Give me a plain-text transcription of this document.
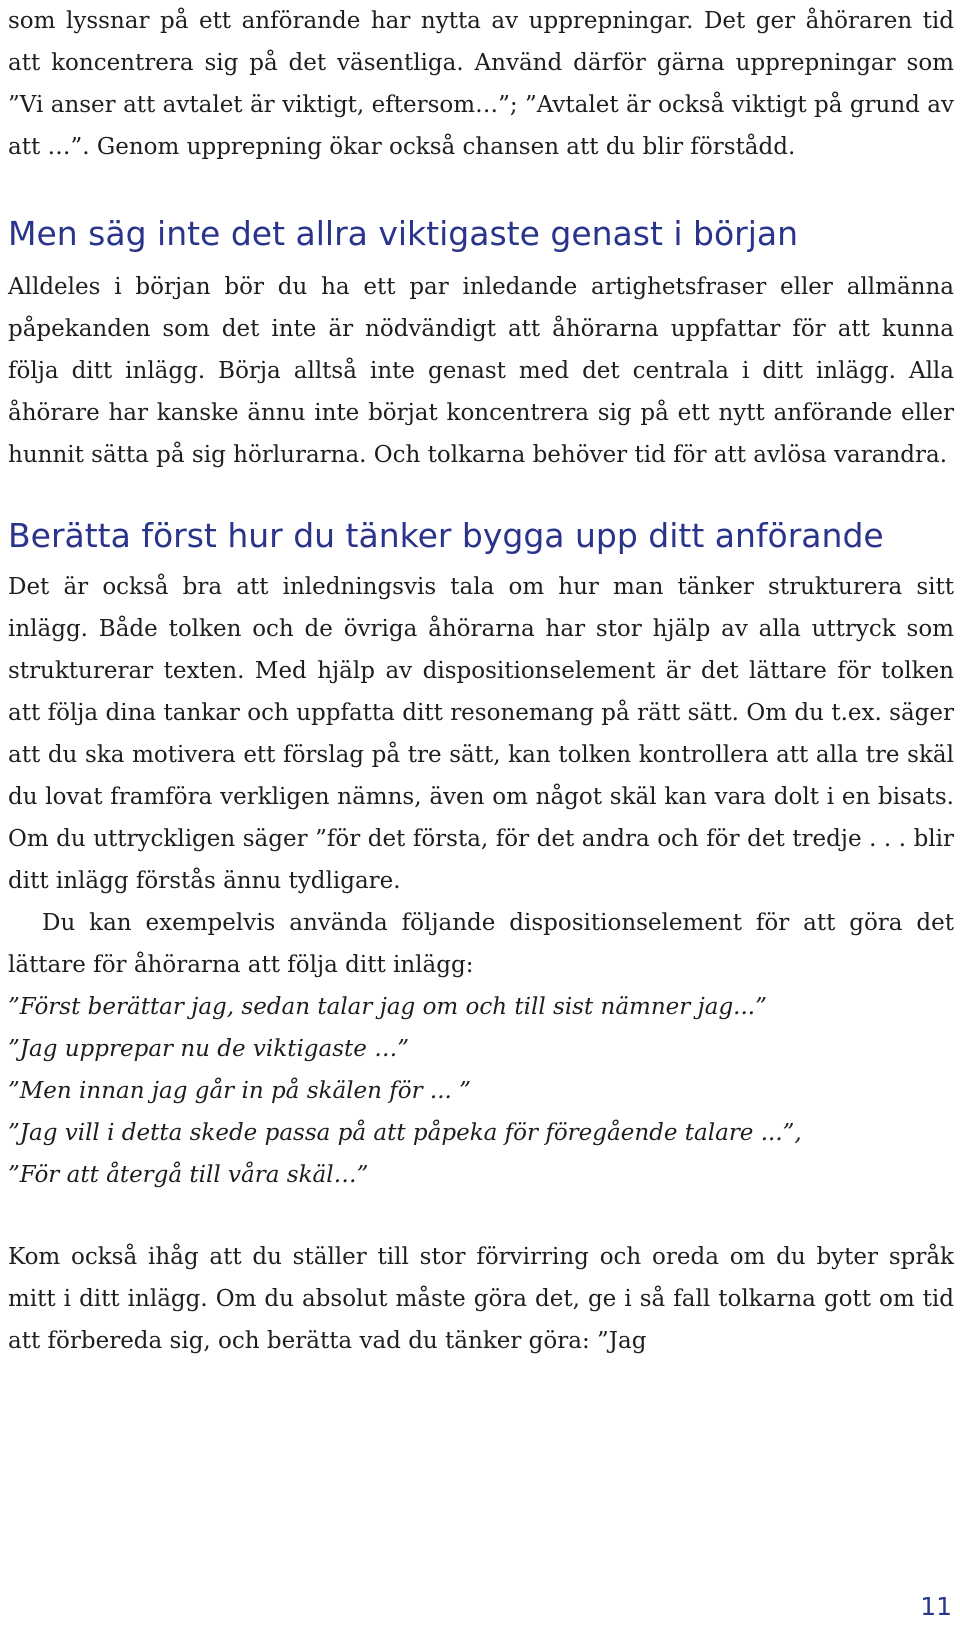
som lyssnar på ett anförande har nytta av upprepningar. Det ger åhöraren tid att koncentrera sig på det väsentliga. Använd därför gärna upprepningar som ”Vi anser att avtalet är viktigt, eftersom…”; ”Avtalet är också viktigt på grund av att …”. Genom upprepning ökar också chansen att du blir förstådd.

Men säg inte det allra viktigaste genast i början

Alldeles i början bör du ha ett par inledande artighetsfraser eller allmänna påpekanden som det inte är nödvändigt att åhörarna uppfattar för att kunna följa ditt inlägg. Börja alltså inte genast med det centrala i ditt inlägg. Alla åhörare har kanske ännu inte börjat koncentrera sig på ett nytt anförande eller hunnit sätta på sig hörlurarna. Och tolkarna behöver tid för att avlösa varandra.

Berätta först hur du tänker bygga upp ditt anförande

Det är också bra att inledningsvis tala om hur man tänker strukturera sitt inlägg. Både tolken och de övriga åhörarna har stor hjälp av alla uttryck som strukturerar texten. Med hjälp av dispositionselement är det lättare för tolken att följa dina tankar och uppfatta ditt resonemang på rätt sätt. Om du t.ex. säger att du ska motivera ett förslag på tre sätt, kan tolken kontrollera att alla tre skäl du lovat framföra verkligen nämns, även om något skäl kan vara dolt i en bisats. Om du uttryckligen säger ”för det första, för det andra och för det tredje . . . blir ditt inlägg förstås ännu tydligare.

Du kan exempelvis använda följande dispositionselement för att göra det lättare för åhörarna att följa ditt inlägg:

”Först berättar jag, sedan talar jag om och till sist nämner jag...”
”Jag upprepar nu de viktigaste …”
”Men innan jag går in på skälen för ... ”
”Jag vill i detta skede passa på att påpeka för föregående talare ...”,
”För att återgå till våra skäl…”

Kom också ihåg att du ställer till stor förvirring och oreda om du byter språk mitt i ditt inlägg. Om du absolut måste göra det, ge i så fall tolkarna gott om tid att förbereda sig, och berätta vad du tänker göra: ”Jag

11
